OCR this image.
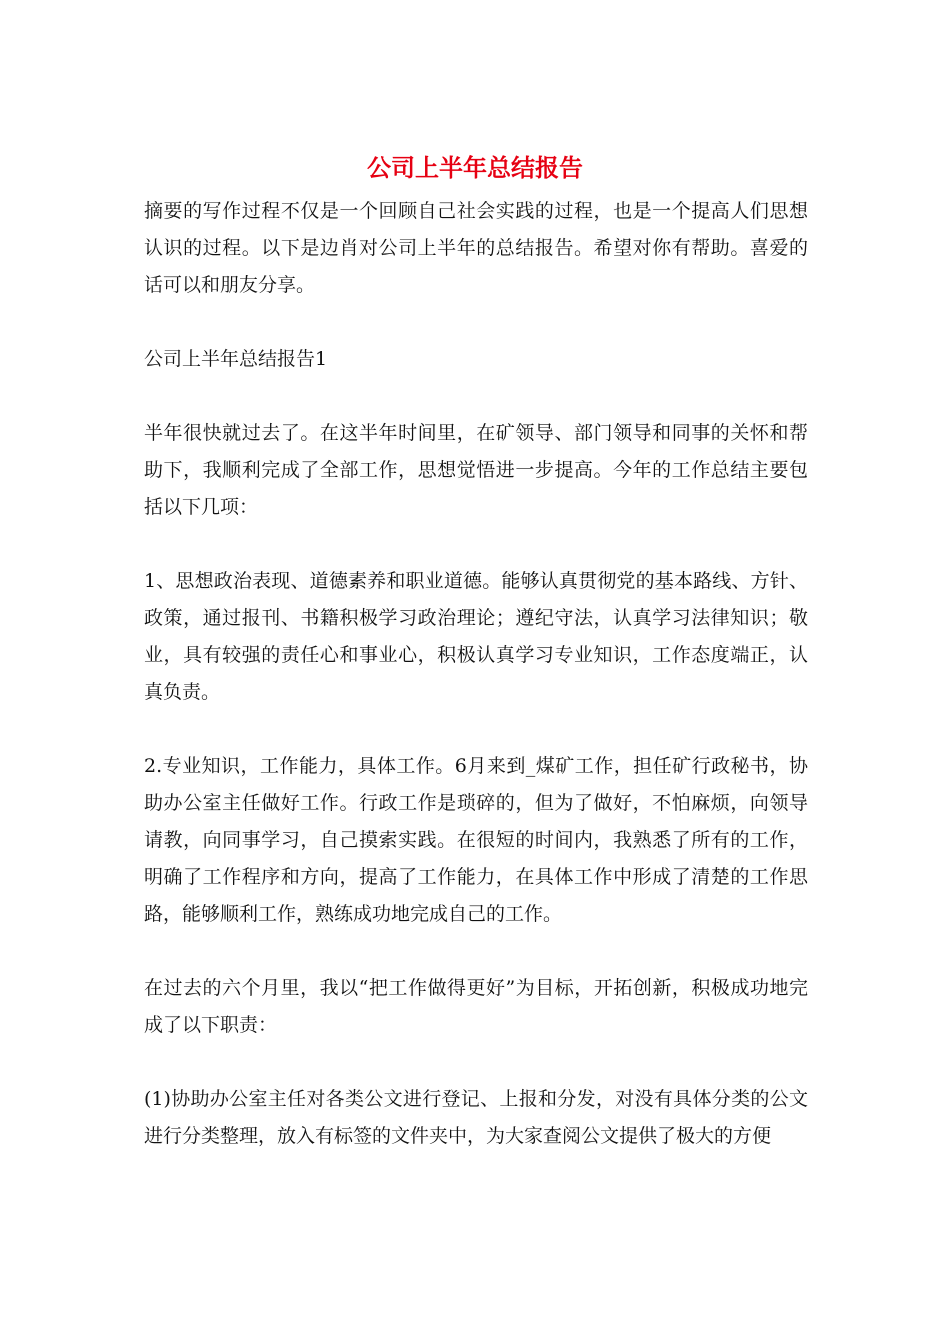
公司上半年总结报告

摘要的写作过程不仅是一个回顾自己社会实践的过程，也是一个提高人们思想认识的过程。以下是边肖对公司上半年的总结报告。希望对你有帮助。喜爱的话可以和朋友分享。

公司上半年总结报告1

半年很快就过去了。在这半年时间里，在矿领导、部门领导和同事的关怀和帮助下，我顺利完成了全部工作，思想觉悟进一步提高。今年的工作总结主要包括以下几项：

1、思想政治表现、道德素养和职业道德。能够认真贯彻党的基本路线、方针、政策，通过报刊、书籍积极学习政治理论；遵纪守法，认真学习法律知识；敬业，具有较强的责任心和事业心，积极认真学习专业知识，工作态度端正，认真负责。

2.专业知识，工作能力，具体工作。6月来到_煤矿工作，担任矿行政秘书，协助办公室主任做好工作。行政工作是琐碎的，但为了做好，不怕麻烦，向领导请教，向同事学习，自己摸索实践。在很短的时间内，我熟悉了所有的工作，明确了工作程序和方向，提高了工作能力，在具体工作中形成了清楚的工作思路，能够顺利工作，熟练成功地完成自己的工作。

在过去的六个月里，我以“把工作做得更好”为目标，开拓创新，积极成功地完成了以下职责：

(1)协助办公室主任对各类公文进行登记、上报和分发，对没有具体分类的公文进行分类整理，放入有标签的文件夹中，为大家查阅公文提供了极大的方便
